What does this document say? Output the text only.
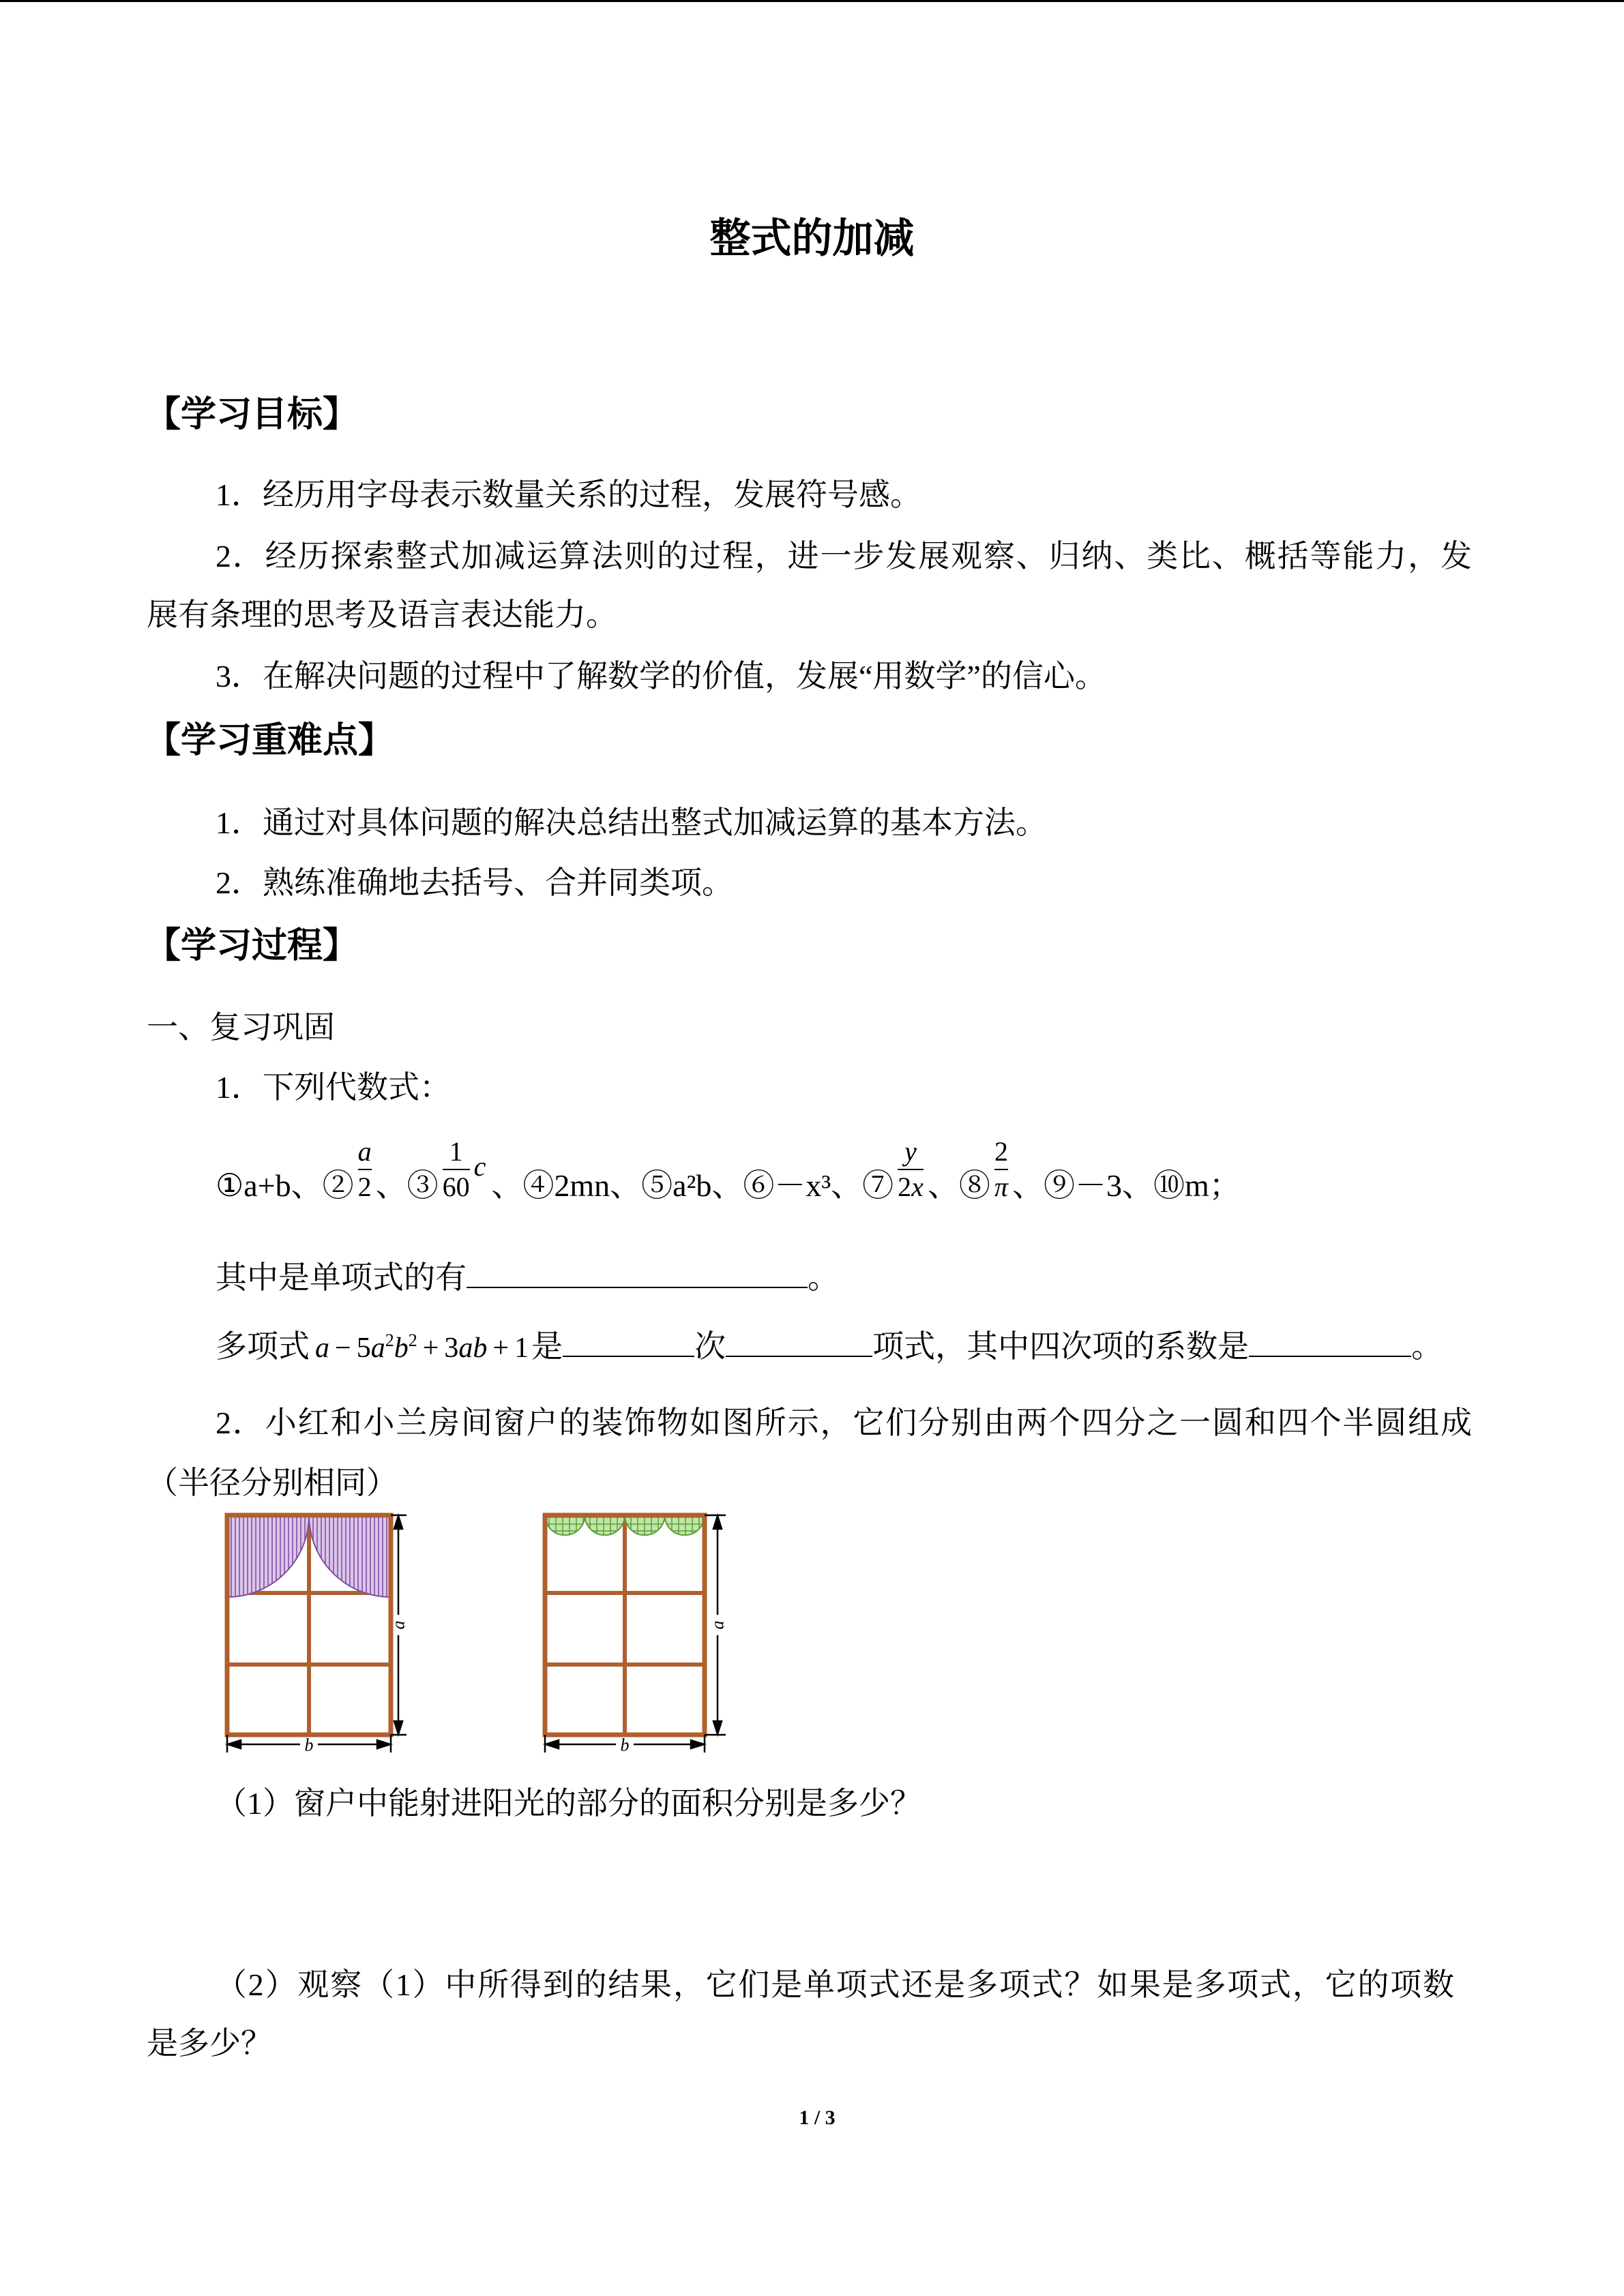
整式的加减
【学习目标】
1．经历用字母表示数量关系的过程，发展符号感。
2．经历探索整式加减运算法则的过程，进一步发展观察、归纳、类比、概括等能力，发
展有条理的思考及语言表达能力。
3．在解决问题的过程中了解数学的价值，发展“用数学”的信心。
【学习重难点】
1．通过对具体问题的解决总结出整式加减运算的基本方法。
2．熟练准确地去括号、合并同类项。
【学习过程】
一、复习巩固
1．下列代数式：
①a+b、② $\frac{a}{2}$ 、③ $\frac{1}{60}$ c、④2mn、⑤a²b、⑥－x³、⑦ $\frac{y}{2x}$ 、⑧ $\frac{2}{\pi}$ 、⑨－3、⑩m；
其中是单项式的有	。
多项式 $a - 5a^2b^2 + 3ab + 1$是	次	项式，其中四次项的系数是	。
2．小红和小兰房间窗户的装饰物如图所示，它们分别由两个四分之一圆和四个半圆组成
（半径分别相同）
a
b
a
b
（1）窗户中能射进阳光的部分的面积分别是多少？
（2）观察（1）中所得到的结果，它们是单项式还是多项式？如果是多项式，它的项数
是多少？
1 / 3
